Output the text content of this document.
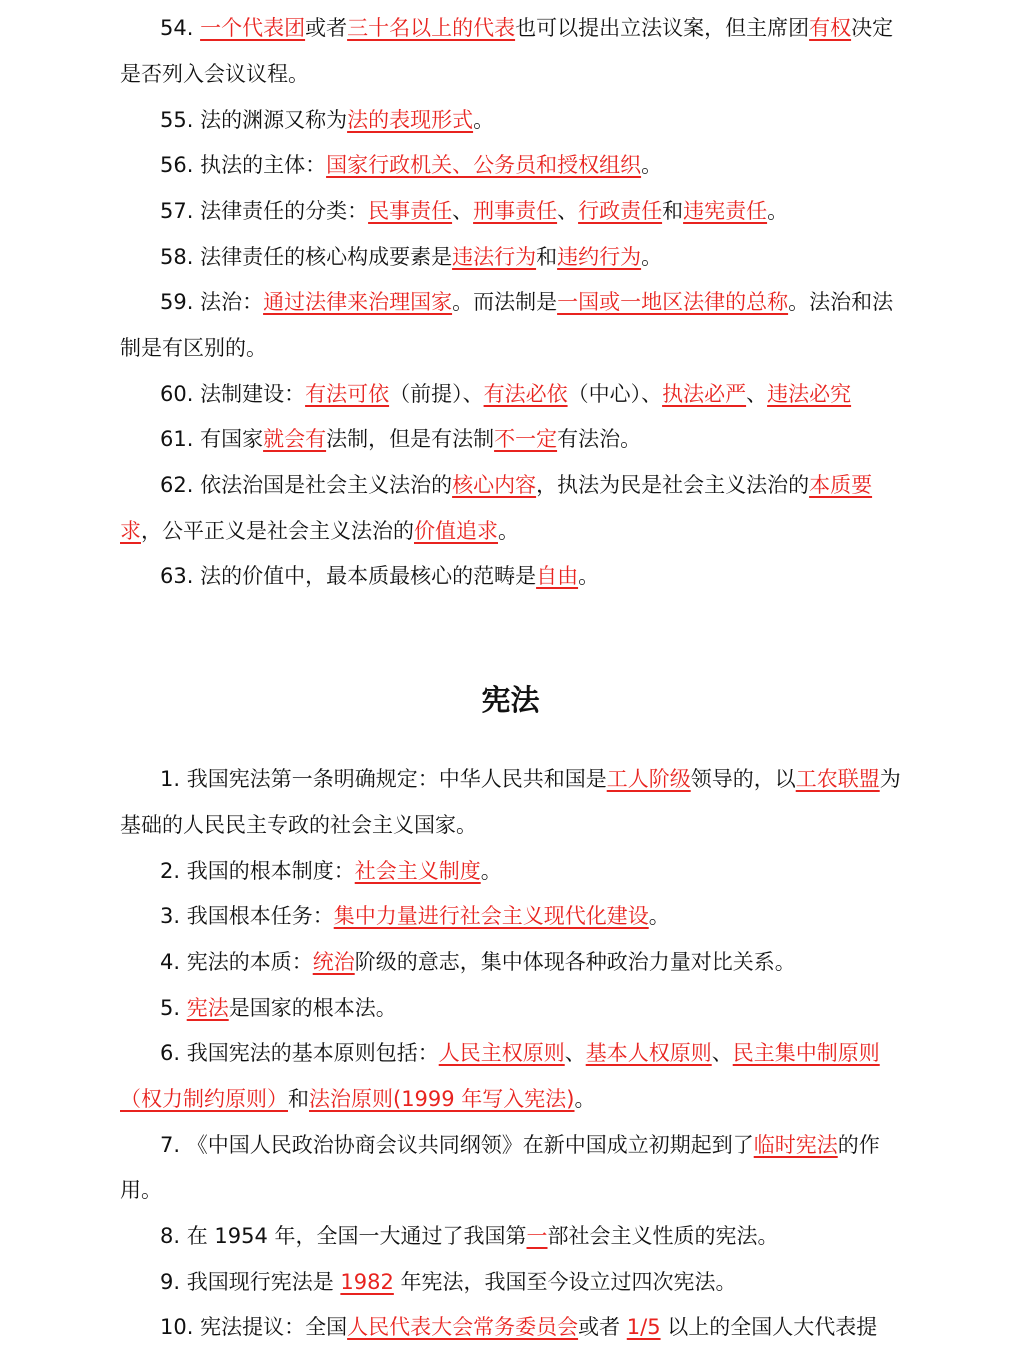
54. 一个代表团或者三十名以上的代表也可以提出立法议案，但主席团有权决定
是否列入会议议程。
55. 法的渊源又称为法的表现形式。
56. 执法的主体：国家行政机关、公务员和授权组织。
57. 法律责任的分类：民事责任、刑事责任、行政责任和违宪责任。
58. 法律责任的核心构成要素是违法行为和违约行为。
59. 法治：通过法律来治理国家。而法制是一国或一地区法律的总称。法治和法
制是有区别的。
60. 法制建设：有法可依（前提）、有法必依（中心）、执法必严、违法必究
61. 有国家就会有法制，但是有法制不一定有法治。
62. 依法治国是社会主义法治的核心内容，执法为民是社会主义法治的本质要
求，公平正义是社会主义法治的价值追求。
63. 法的价值中，最本质最核心的范畴是自由。
宪法
1. 我国宪法第一条明确规定：中华人民共和国是工人阶级领导的，以工农联盟为
基础的人民民主专政的社会主义国家。
2. 我国的根本制度：社会主义制度。
3. 我国根本任务：集中力量进行社会主义现代化建设。
4. 宪法的本质：统治阶级的意志，集中体现各种政治力量对比关系。
5. 宪法是国家的根本法。
6. 我国宪法的基本原则包括：人民主权原则、基本人权原则、民主集中制原则
（权力制约原则）和法治原则(1999 年写入宪法)。
7. 《中国人民政治协商会议共同纲领》在新中国成立初期起到了临时宪法的作
用。
8. 在 1954 年，全国一大通过了我国第一部社会主义性质的宪法。
9. 我国现行宪法是 1982 年宪法，我国至今设立过四次宪法。
10. 宪法提议：全国人民代表大会常务委员会或者 1/5 以上的全国人大代表提
